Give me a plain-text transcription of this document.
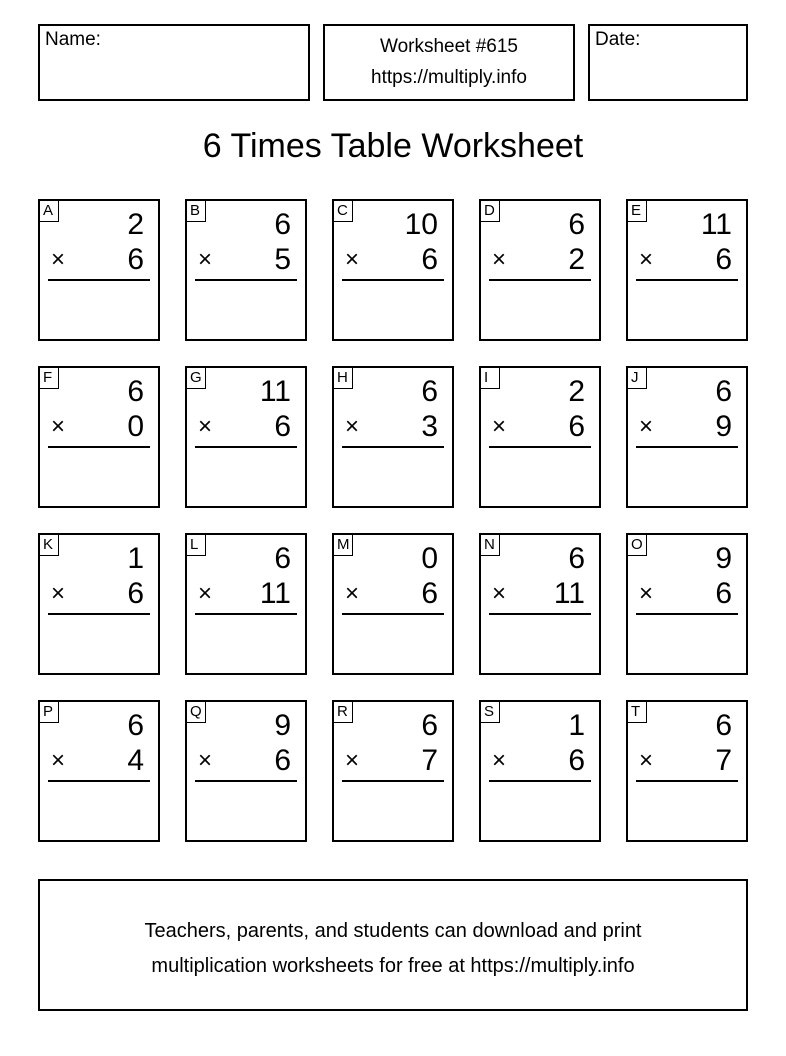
Name:	Worksheet #615
https://multiply.info
Date:
6 Times Table Worksheet
A 2
× 6
B 6
× 5
C 10
× 6
D 6
× 2
E 11
× 6
F	6
× 0
G 11
× 6
H 6
× 3
I	2
× 6
J	6
× 9
K 1
× 6
L	6
× 11
M 0
× 6
N 6
× 11
O 9
× 6
P 6
× 4
Q 9
× 6
R 6
× 7
S 1
× 6
T	6
× 7
Teachers, parents, and students can download and print
multiplication worksheets for free at https://multiply.info
